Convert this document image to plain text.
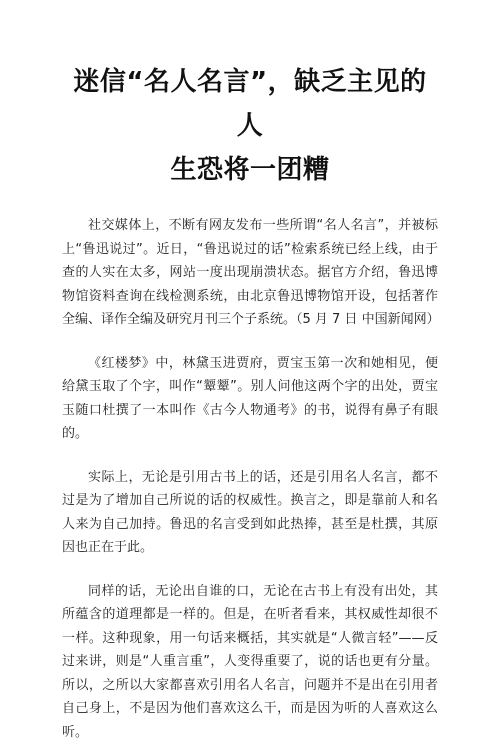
迷信“名人名言”，缺乏主见的人
生恐将一团糟

社交媒体上，不断有网友发布一些所谓“名人名言”，并被标上“鲁迅说过”。近日，“鲁迅说过的话”检索系统已经上线，由于查的人实在太多，网站一度出现崩溃状态。据官方介绍，鲁迅博物馆资料查询在线检测系统，由北京鲁迅博物馆开设，包括著作全编、译作全编及研究月刊三个子系统。（5 月 7 日 中国新闻网）

《红楼梦》中，林黛玉进贾府，贾宝玉第一次和她相见，便给黛玉取了个字，叫作“颦颦”。别人问他这两个字的出处，贾宝玉随口杜撰了一本叫作《古今人物通考》的书，说得有鼻子有眼的。

实际上，无论是引用古书上的话，还是引用名人名言，都不过是为了增加自己所说的话的权威性。换言之，即是靠前人和名人来为自己加持。鲁迅的名言受到如此热捧，甚至是杜撰，其原因也正在于此。

同样的话，无论出自谁的口，无论在古书上有没有出处，其所蕴含的道理都是一样的。但是，在听者看来，其权威性却很不一样。这种现象，用一句话来概括，其实就是“人微言轻”——反过来讲，则是“人重言重”，人变得重要了，说的话也更有分量。所以，之所以大家都喜欢引用名人名言，问题并不是出在引用者自己身上，不是因为他们喜欢这么干，而是因为听的人喜欢这么听。
